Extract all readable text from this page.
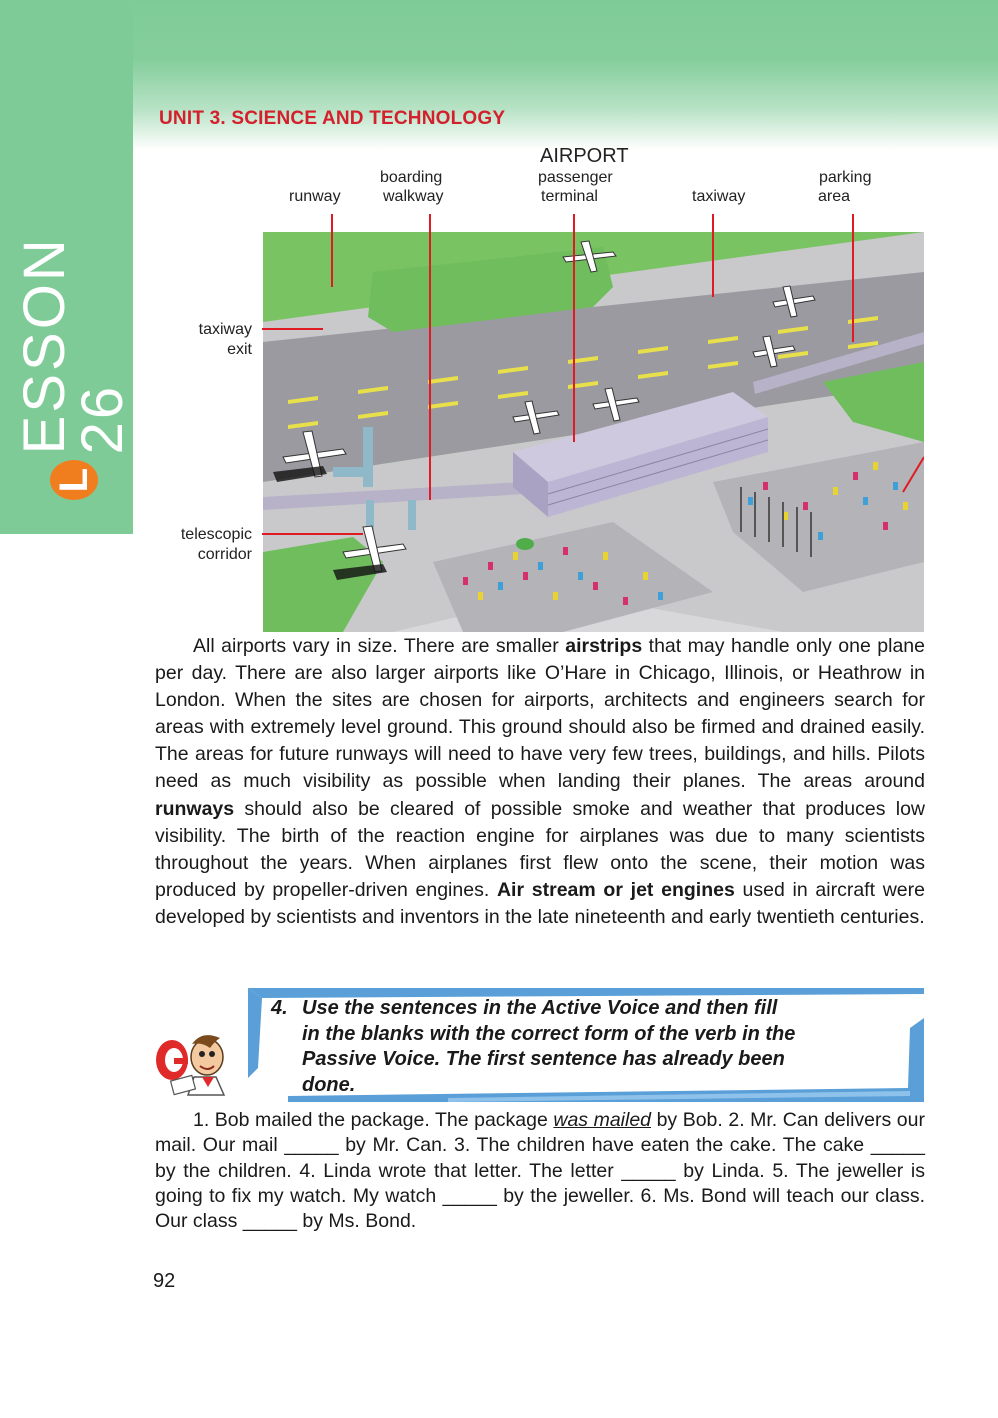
UNIT 3. SCIENCE AND TECHNOLOGY
L
ESSON 26
AIRPORT
runway
boarding
walkway
passenger
terminal	taxiway
parking
area
taxiway
exit
telescopic
corridor

All airports vary in size. There are smaller airstrips that may handle only one plane per day. There are also larger airports like O’Hare in Chicago, Illinois, or Heathrow in London. When the sites are chosen for airports, architects and engineers search for areas with extremely level ground. This ground should also be firmed and drained easily. The areas for future runways will need to have very few trees, buildings, and hills. Pilots need as much visibility as possible when landing their planes. The areas around runways should also be cleared of possible smoke and weather that produces low visibility. The birth of the reaction engine for airplanes was due to many scientists throughout the years. When airplanes first flew onto the scene, their motion was produced by propeller-driven engines. Air stream or jet engines used in aircraft were developed by scientists and inventors in the late nineteenth and early twentieth centuries.

4. Use the sentences in the Active Voice and then fill
in the blanks with the correct form of the verb in the
Passive Voice. The first sentence has already been
done.

1. Bob mailed the package. The package was mailed by Bob. 2. Mr. Can delivers our mail. Our mail _____ by Mr. Can. 3. The children have eaten the cake. The cake _____ by the children. 4. Linda wrote that letter. The letter _____ by Linda. 5. The jeweller is going to fix my watch. My watch _____ by the jeweller. 6. Ms. Bond will teach our class. Our class _____ by Ms. Bond.

92
